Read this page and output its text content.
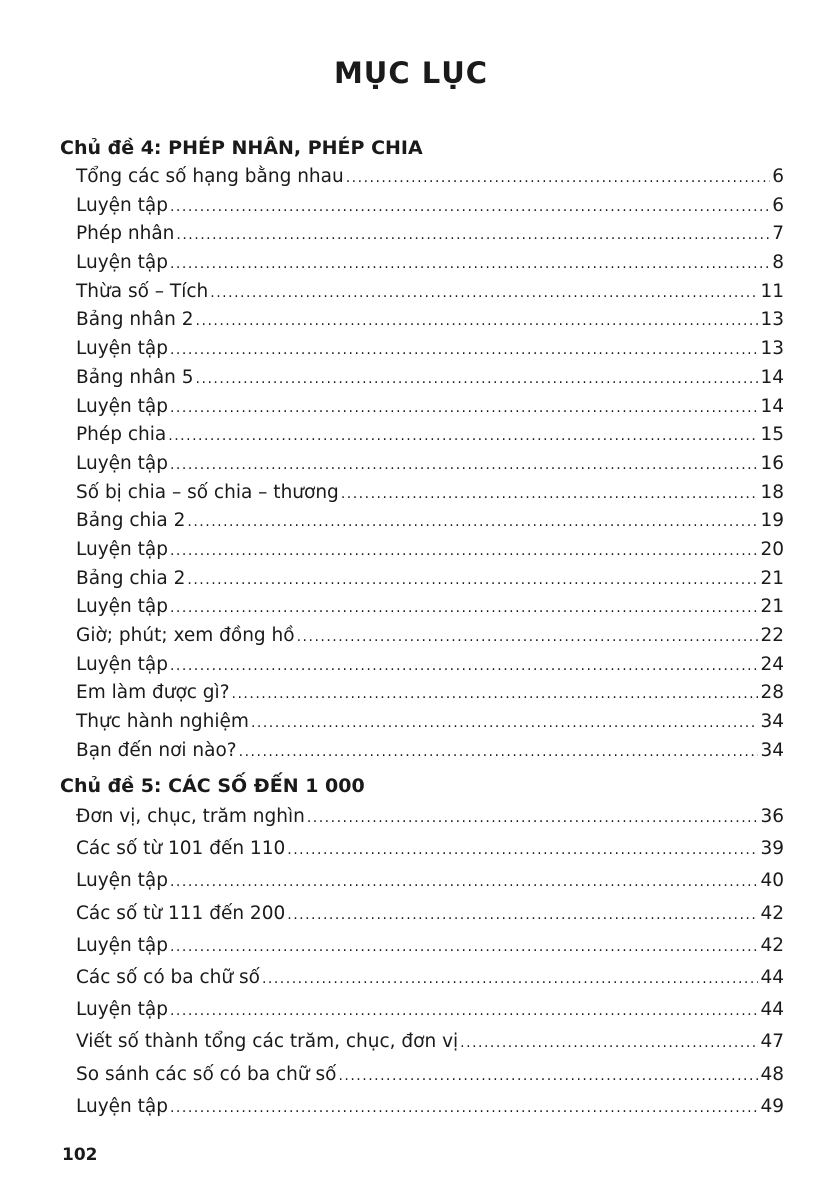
MỤC LỤC
Chủ đề 4: PHÉP NHÂN, PHÉP CHIA
Tổng các số hạng bằng nhau .....	6
Luyện tập .....	6
Phép nhân .....	7
Luyện tập .....	8
Thừa số – Tích .....	11
Bảng nhân 2 .....	13
Luyện tập .....	13
Bảng nhân 5 .....	14
Luyện tập .....	14
Phép chia .....	15
Luyện tập .....	16
Số bị chia – số chia – thương .....	18
Bảng chia 2 .....	19
Luyện tập .....	20
Bảng chia 2 .....	21
Luyện tập .....	21
Giờ; phút; xem đồng hồ .....	22
Luyện tập .....	24
Em làm được gì? .....	28
Thực hành nghiệm .....	34
Bạn đến nơi nào? .....	34
Chủ đề 5: CÁC SỐ ĐẾN 1 000
Đơn vị, chục, trăm nghìn .....	36
Các số từ 101 đến 110 .....	39
Luyện tập .....	40
Các số từ 111 đến 200 .....	42
Luyện tập .....	42
Các số có ba chữ số .....	44
Luyện tập .....	44
Viết số thành tổng các trăm, chục, đơn vị .....	47
So sánh các số có ba chữ số .....	48
Luyện tập .....	49
102
